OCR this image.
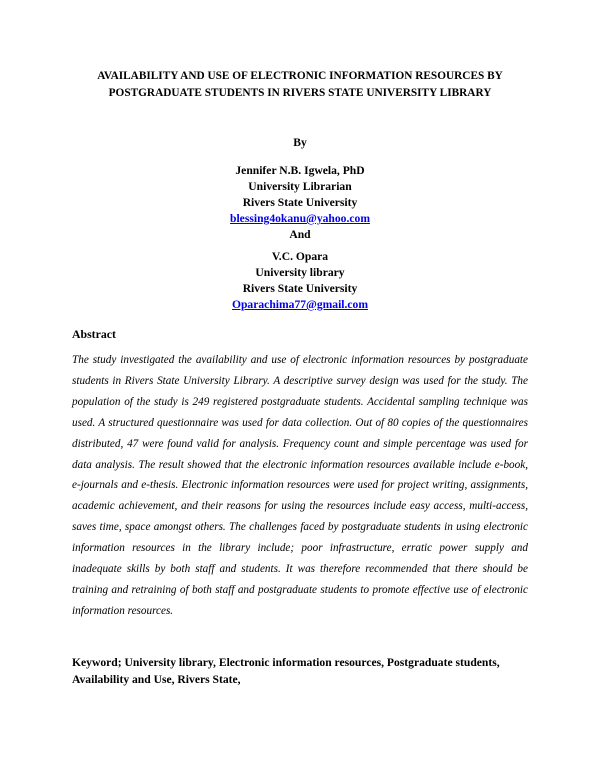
AVAILABILITY AND USE OF ELECTRONIC INFORMATION RESOURCES BY POSTGRADUATE STUDENTS IN RIVERS STATE UNIVERSITY LIBRARY
By
Jennifer N.B. Igwela, PhD
University Librarian
Rivers State University
blessing4okanu@yahoo.com
And
V.C. Opara
University library
Rivers State University
Oparachima77@gmail.com
Abstract

The study investigated the availability and use of electronic information resources by postgraduate students in Rivers State University Library. A descriptive survey design was used for the study. The population of the study is 249 registered postgraduate students. Accidental sampling technique was used. A structured questionnaire was used for data collection. Out of 80 copies of the questionnaires distributed, 47 were found valid for analysis. Frequency count and simple percentage was used for data analysis. The result showed that the electronic information resources available include e-book, e-journals and e-thesis. Electronic information resources were used for project writing, assignments, academic achievement, and their reasons for using the resources include easy access, multi-access, saves time, space amongst others. The challenges faced by postgraduate students in using electronic information resources in the library include; poor infrastructure, erratic power supply and inadequate skills by both staff and students. It was therefore recommended that there should be training and retraining of both staff and postgraduate students to promote effective use of electronic information resources.

Keyword; University library, Electronic information resources, Postgraduate students, Availability and Use, Rivers State,
